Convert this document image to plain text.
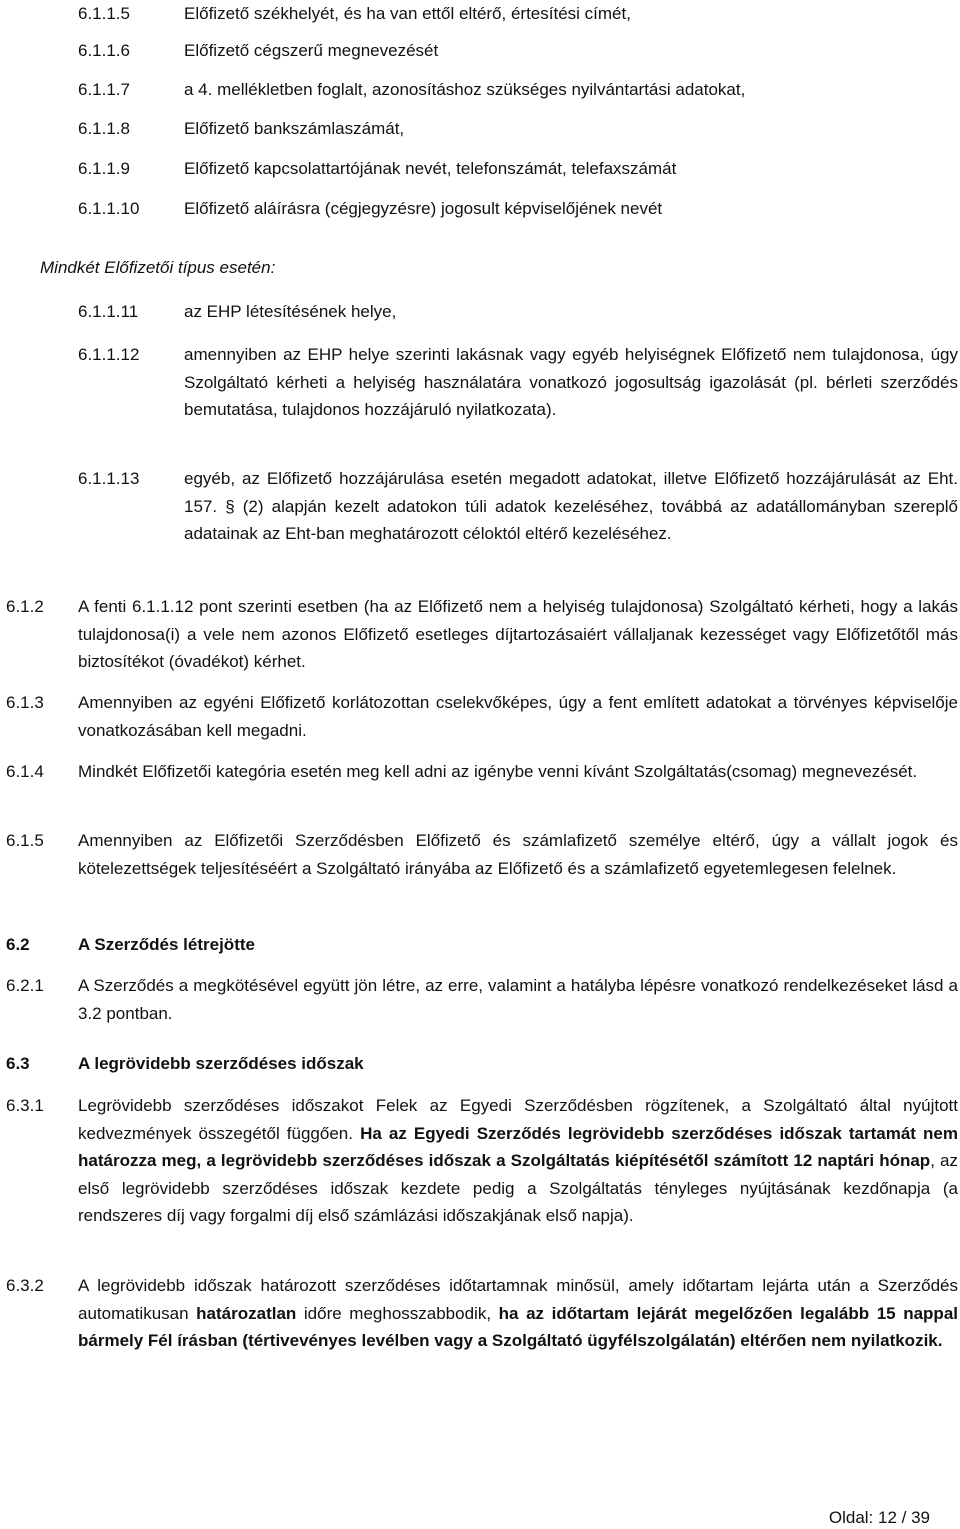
6.1.1.5	Előfizető székhelyét, és ha van ettől eltérő, értesítési címét,
6.1.1.6	Előfizető cégszerű megnevezését
6.1.1.7	a 4. mellékletben foglalt, azonosításhoz szükséges nyilvántartási adatokat,
6.1.1.8	Előfizető bankszámlaszámát,
6.1.1.9	Előfizető kapcsolattartójának nevét, telefonszámát, telefaxszámát
6.1.1.10	Előfizető aláírásra (cégjegyzésre) jogosult képviselőjének nevét
Mindkét Előfizetői típus esetén:
6.1.1.11	az EHP létesítésének helye,
6.1.1.12	amennyiben az EHP helye szerinti lakásnak vagy egyéb helyiségnek Előfizető nem tulajdonosa, úgy Szolgáltató kérheti a helyiség használatára vonatkozó jogosultság igazolását (pl. bérleti szerződés bemutatása, tulajdonos hozzájáruló nyilatkozata).
6.1.1.13	egyéb, az Előfizető hozzájárulása esetén megadott adatokat, illetve Előfizető hozzájárulását az Eht. 157. § (2) alapján kezelt adatokon túli adatok kezeléséhez, továbbá az adatállományban szereplő adatainak az Eht-ban meghatározott céloktól eltérő kezeléséhez.
6.1.2	A fenti 6.1.1.12 pont szerinti esetben (ha az Előfizető nem a helyiség tulajdonosa) Szolgáltató kérheti, hogy a lakás tulajdonosa(i) a vele nem azonos Előfizető esetleges díjtartozásaiért vállaljanak kezességet vagy Előfizetőtől más biztosítékot (óvadékot) kérhet.
6.1.3	Amennyiben az egyéni Előfizető korlátozottan cselekvőképes, úgy a fent említett adatokat a törvényes képviselője vonatkozásában kell megadni.
6.1.4	Mindkét Előfizetői kategória esetén meg kell adni az igénybe venni kívánt Szolgáltatás(csomag) megnevezését.
6.1.5	Amennyiben az Előfizetői Szerződésben Előfizető és számlafizető személye eltérő, úgy a vállalt jogok és kötelezettségek teljesítéséért a Szolgáltató irányába az Előfizető és a számlafizető egyetemlegesen felelnek.
6.2	A Szerződés létrejötte
6.2.1	A Szerződés a megkötésével együtt jön létre, az erre, valamint a hatályba lépésre vonatkozó rendelkezéseket lásd a 3.2 pontban.
6.3	A legrövidebb szerződéses időszak
6.3.1	Legrövidebb szerződéses időszakot Felek az Egyedi Szerződésben rögzítenek, a Szolgáltató által nyújtott kedvezmények összegétől függően. Ha az Egyedi Szerződés legrövidebb szerződéses időszak tartamát nem határozza meg, a legrövidebb szerződéses időszak a Szolgáltatás kiépítésétől számított 12 naptári hónap, az első legrövidebb szerződéses időszak kezdete pedig a Szolgáltatás tényleges nyújtásának kezdőnapja (a rendszeres díj vagy forgalmi díj első számlázási időszakjának első napja).
6.3.2	A legrövidebb időszak határozott szerződéses időtartamnak minősül, amely időtartam lejárta után a Szerződés automatikusan határozatlan időre meghosszabbodik, ha az időtartam lejárát megelőzően legalább 15 nappal bármely Fél írásban (tértivevényes levélben vagy a Szolgáltató ügyfélszolgálatán) eltérően nem nyilatkozik.
Oldal: 12 / 39
